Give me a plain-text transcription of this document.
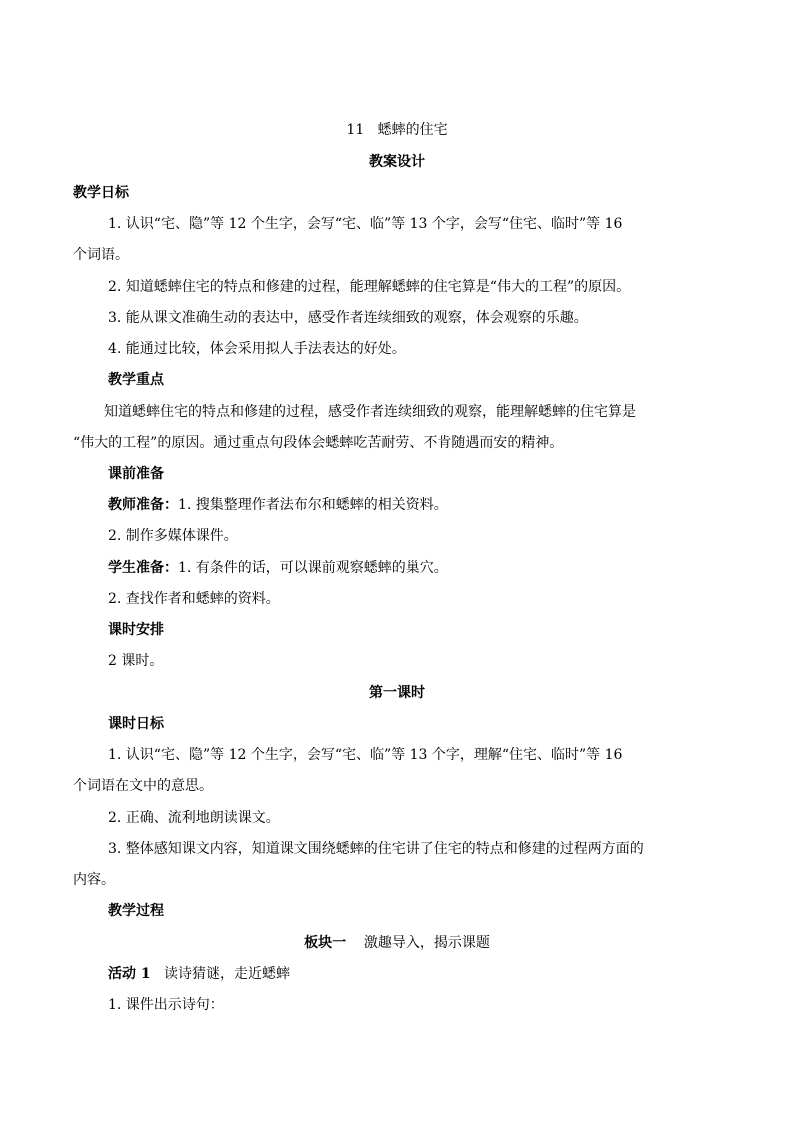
11 蟋蟀的住宅

教案设计

教学日标

1. 认识“宅、隐”等 12 个生字，会写“宅、临”等 13 个字，会写“住宅、临时”等 16

个词语。

2. 知道蟋蟀住宅的特点和修建的过程，能理解蟋蟀的住宅算是“伟大的工程”的原因。

3. 能从课文准确生动的表达中，感受作者连续细致的观察，体会观察的乐趣。

4. 能通过比较，体会采用拟人手法表达的好处。

教学重点

知道蟋蟀住宅的特点和修建的过程，感受作者连续细致的观察，能理解蟋蟀的住宅算是

“伟大的工程”的原因。通过重点句段体会蟋蟀吃苦耐劳、不肯随遇而安的精神。

课前准备

教师准备：1. 搜集整理作者法布尔和蟋蟀的相关资料。

2. 制作多媒体课件。

学生准备：1. 有条件的话，可以课前观察蟋蟀的巢穴。

2. 查找作者和蟋蟀的资料。

课时安排

2 课时。

第一课时

课时日标

1. 认识“宅、隐”等 12 个生字，会写“宅、临”等 13 个字，理解“住宅、临时”等 16

个词语在文中的意思。

2. 正确、流利地朗读课文。

3. 整体感知课文内容，知道课文围绕蟋蟀的住宅讲了住宅的特点和修建的过程两方面的

内容。

教学过程

板块一 激趣导入，揭示课题

活动 1 读诗猜谜，走近蟋蟀

1. 课件出示诗句：
